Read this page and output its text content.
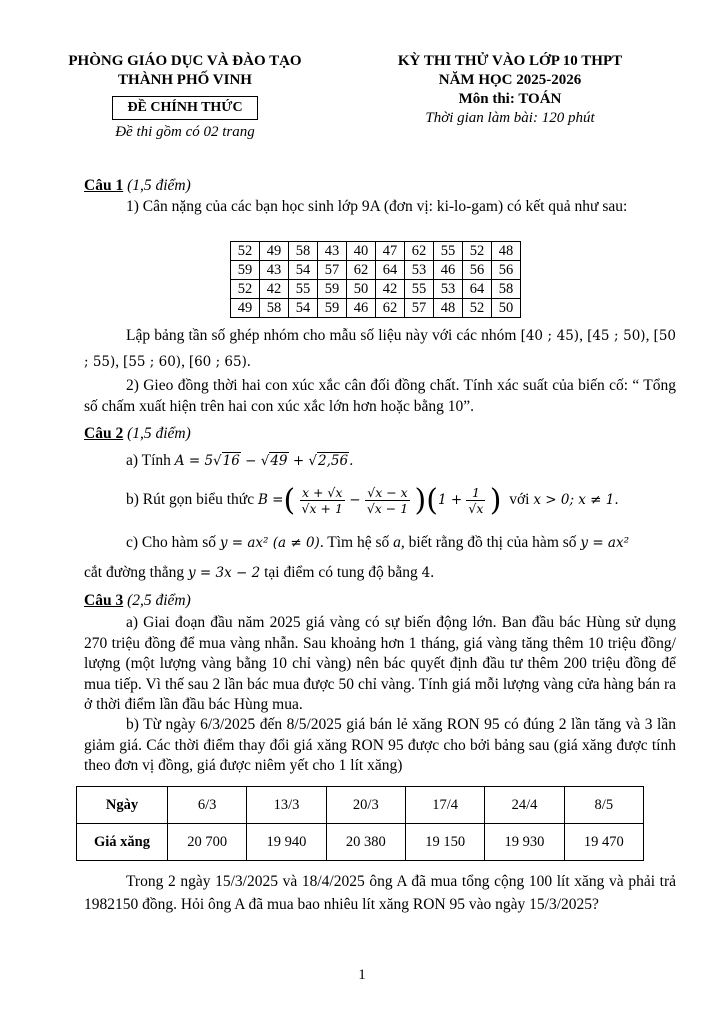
PHÒNG GIÁO DỤC VÀ ĐÀO TẠO
THÀNH PHỐ VINH
ĐỀ CHÍNH THỨC
Đề thi gồm có 02 trang
KỲ THI THỬ VÀO LỚP 10 THPT
NĂM HỌC 2025-2026
Môn thi: TOÁN
Thời gian làm bài: 120 phút
Câu 1 (1,5 điểm)
1) Cân nặng của các bạn học sinh lớp 9A (đơn vị: ki-lo-gam) có kết quả như sau:
52	49	58	43	40	47	62	55	52	48
59	43	54	57	62	64	53	46	56	56
52	42	55	59	50	42	55	53	64	58
49	58	54	59	46	62	57	48	52	50
Lập bảng tần số ghép nhóm cho mẫu số liệu này với các nhóm [40 ; 45), [45 ; 50), [50 ; 55), [55 ; 60), [60 ; 65).
2) Gieo đồng thời hai con xúc xắc cân đối đồng chất. Tính xác suất của biến cố: “ Tổng số chấm xuất hiện trên hai con xúc xắc lớn hơn hoặc bằng 10”.
Câu 2 (1,5 điểm)
a) Tính A = 5√16 − √49 + √2,56.
b) Rút gọn biểu thức
B = ( $\frac{x + √x}{√x + 1} - \frac{√x - x}{√x - 1} )(1 + \frac{1}{√x}$ )
với
x > 0; x ≠ 1.
c) Cho hàm số y = ax² (a ≠ 0). Tìm hệ số a, biết rằng đồ thị của hàm số y = ax²
cắt đường thẳng y = 3x − 2 tại điểm có tung độ bằng 4.
Câu 3 (2,5 điểm)
a) Giai đoạn đầu năm 2025 giá vàng có sự biến động lớn. Ban đầu bác Hùng sử dụng 270 triệu đồng để mua vàng nhẫn. Sau khoảng hơn 1 tháng, giá vàng tăng thêm 10 triệu đồng/ lượng (một lượng vàng bằng 10 chỉ vàng) nên bác quyết định đầu tư thêm 200 triệu đồng để mua tiếp. Vì thế sau 2 lần bác mua được 50 chỉ vàng. Tính giá mỗi lượng vàng cửa hàng bán ra ở thời điểm lần đầu bác Hùng mua.
b) Từ ngày 6/3/2025 đến 8/5/2025 giá bán lẻ xăng RON 95 có đúng 2 lần tăng và 3 lần giảm giá. Các thời điểm thay đổi giá xăng RON 95 được cho bởi bảng sau (giá xăng được tính theo đơn vị đồng, giá được niêm yết cho 1 lít xăng)
Ngày	6/3	13/3	20/3	17/4	24/4	8/5
Giá xăng	20 700	19 940	20 380	19 150	19 930	19 470
Trong 2 ngày 15/3/2025 và 18/4/2025 ông A đã mua tổng cộng 100 lít xăng và phải trả 1982150 đồng. Hỏi ông A đã mua bao nhiêu lít xăng RON 95 vào ngày 15/3/2025?
1
